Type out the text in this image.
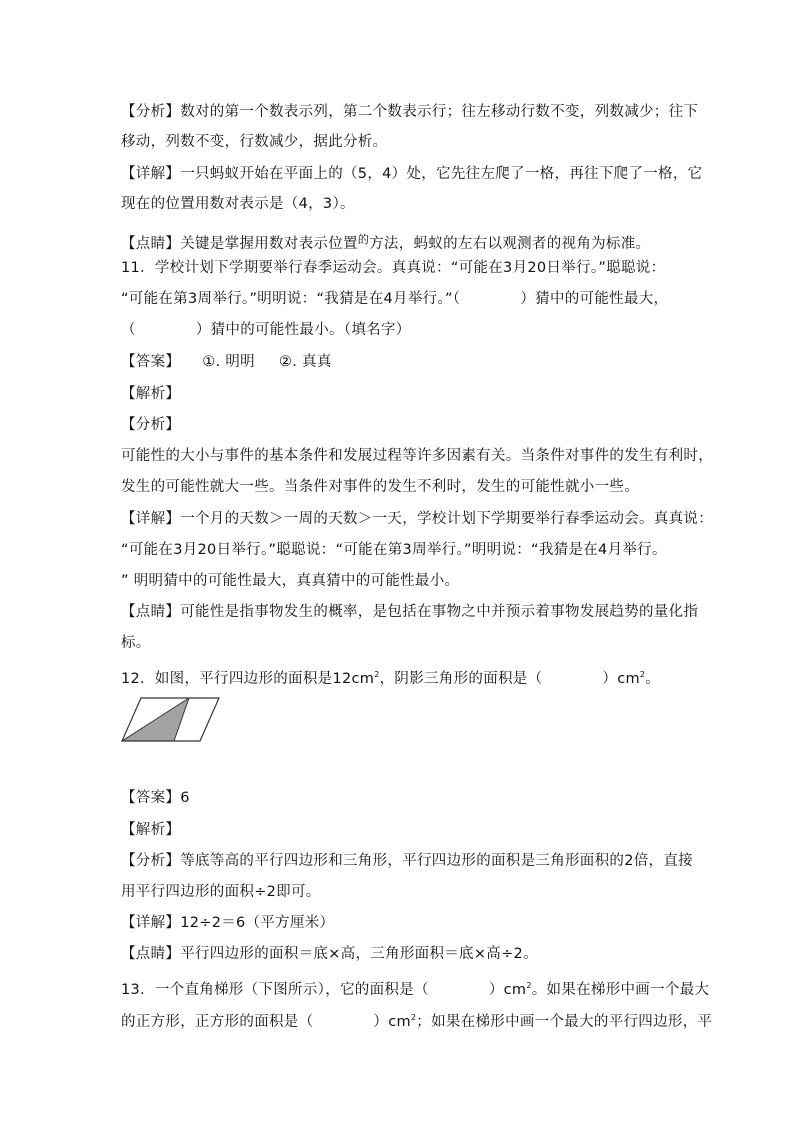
【分析】数对的第一个数表示列，第二个数表示行；往左移动行数不变，列数减少；往下
移动，列数不变，行数减少，据此分析。
【详解】一只蚂蚁开始在平面上的（5，4）处，它先往左爬了一格，再往下爬了一格，它
现在的位置用数对表示是（4，3）。
【点睛】关键是掌握用数对表示位置$^的$方法，蚂蚁的左右以观测者的视角为标准。
11．学校计划下学期要举行春季运动会。真真说：“可能在3月20日举行。”聪聪说：
“可能在第3周举行。”明明说：“我猜是在4月举行。”（	）猜中的可能性最大，
（	）猜中的可能性最小。（填名字）
【答案】 ①. 明明 ②. 真真
【解析】
【分析】
可能性的大小与事件的基本条件和发展过程等许多因素有关。当条件对事件的发生有利时，
发生的可能性就大一些。当条件对事件的发生不利时，发生的可能性就小一些。
【详解】一个月的天数＞一周的天数＞一天，学校计划下学期要举行春季运动会。真真说：
“可能在3月20日举行。”聪聪说：“可能在第3周举行。”明明说：“我猜是在4月举行。
” 明明猜中的可能性最大，真真猜中的可能性最小。
【点睛】可能性是指事物发生的概率，是包括在事物之中并预示着事物发展趋势的量化指
标。
12．如图，平行四边形的面积是$12cm^2$，阴影三角形的面积是（	）$cm^2$。
【答案】6
【解析】
【分析】等底等高的平行四边形和三角形，平行四边形的面积是三角形面积的2倍，直接
用平行四边形的面积÷2即可。
【详解】12÷2＝6（平方厘米）
【点睛】平行四边形的面积＝底×高，三角形面积＝底×高÷2。
13．一个直角梯形（下图所示），它的面积是（	）$cm^2$。如果在梯形中画一个最大
的正方形，正方形的面积是（	）$cm^2$；如果在梯形中画一个最大的平行四边形，平
